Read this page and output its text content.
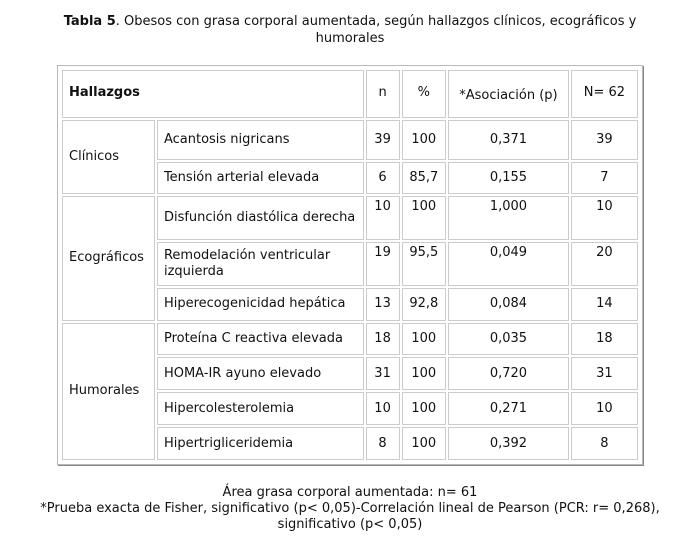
Tabla 5. Obesos con grasa corporal aumentada, según hallazgos clínicos, ecográficos y humorales
Hallazgos		n	%	*Asociación (p)	N= 62
Clínicos	Acantosis nigricans	39	100	0,371	39
	Tensión arterial elevada	6	85,7	0,155	7
Ecográficos	Disfunción diastólica derecha	10	100	1,000	10
	Remodelación ventricular izquierda	19	95,5	0,049	20
	Hiperecogenicidad hepática	13	92,8	0,084	14
Humorales	Proteína C reactiva elevada	18	100	0,035	18
	HOMA-IR ayuno elevado	31	100	0,720	31
	Hipercolesterolemia	10	100	0,271	10
	Hipertrigliceridemia	8	100	0,392	8
Área grasa corporal aumentada: n= 61
*Prueba exacta de Fisher, significativo (p< 0,05)-Correlación lineal de Pearson (PCR: r= 0,268), significativo (p< 0,05)
